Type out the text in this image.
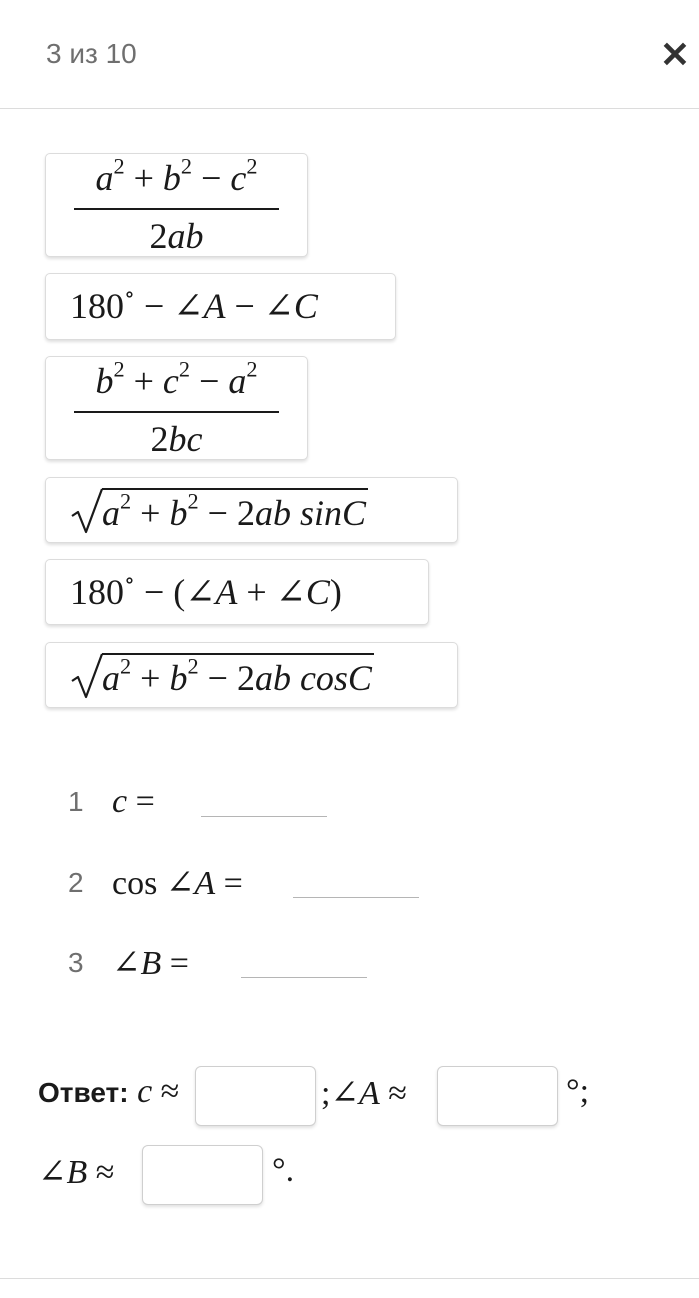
3 из 10	✕
$a^2 + b^2 - c^2$
2ab
180∘ − ∠A − ∠C
$b^2 + c^2 - a^2$
2bc
$a^2 + b^2 - 2ab$ sinC
180∘ − (∠A + ∠C)
$a^2 + b^2 - 2ab$ cosC
1 c =
2 cos ∠A =
3 ∠B =
Ответ: c ≈	;∠A ≈	°;
∠B ≈	°.
